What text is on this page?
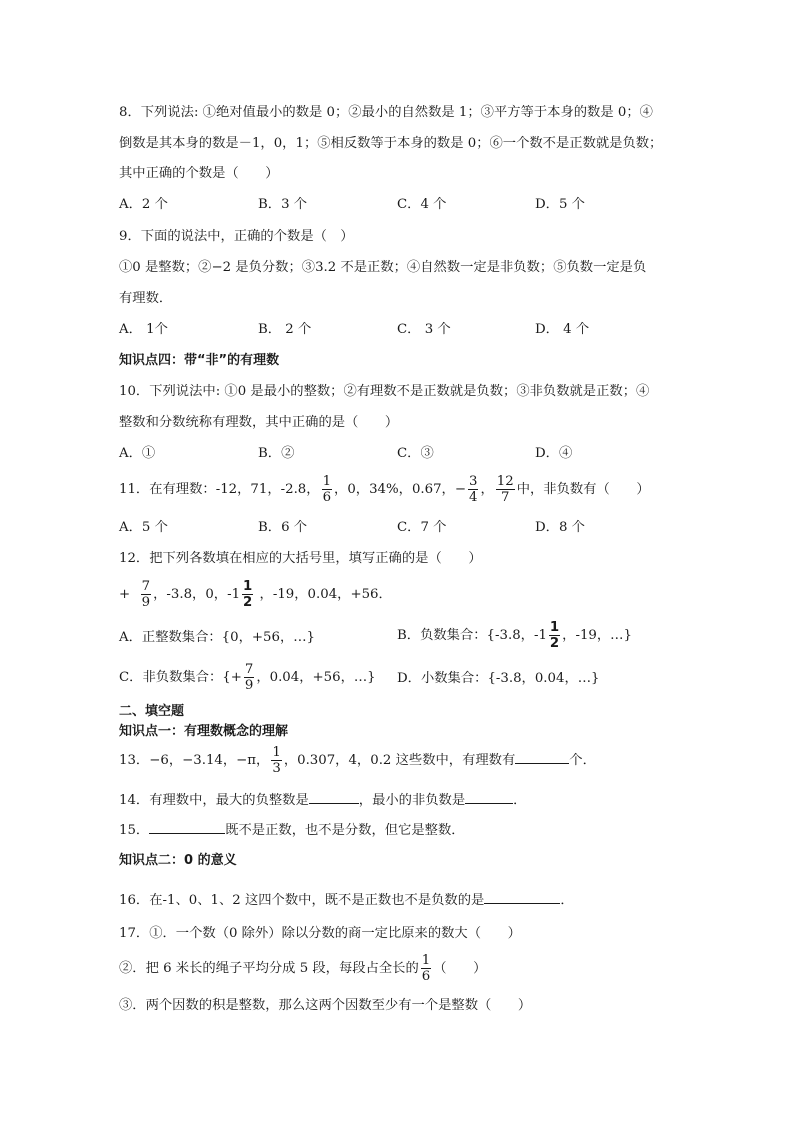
8．下列说法: ①绝对值最小的数是 0；②最小的自然数是 1；③平方等于本身的数是 0；④
倒数是其本身的数是－1，0，1；⑤相反数等于本身的数是 0；⑥一个数不是正数就是负数；
其中正确的个数是（　　）
A．2 个	B．3 个	C．4 个	D．5 个
9．下面的说法中，正确的个数是（　）
①0 是整数；②−2 是负分数；③3.2 不是正数；④自然数一定是非负数；⑤负数一定是负
有理数．
A． 1个	B． 2 个	C． 3 个	D． 4 个
知识点四：带“非”的有理数
10．下列说法中: ①0 是最小的整数；②有理数不是正数就是负数；③非负数就是正数；④
整数和分数统称有理数，其中正确的是（　　）
A．①	B．②	C．③	D．④
11．在有理数：-12，71，-2.8， $\frac{1}{6}$ ，0，34%，0.67，− $\frac{3}{4}$ ， $\frac{12}{7}$ 中，非负数有（　　）
A．5 个	B．6 个	C．7 个	D．8 个
12．把下列各数填在相应的大括号里，填写正确的是（　　）
+ $\frac{7}{9}$ ，-3.8，0，$-1 \frac{1}{2}$ ，-19，0.04，+56．
A．正整数集合：{0，+56，…}	B．负数集合：{-3.8，$-1 \frac{1}{2}$ ，-19，…}
C．非负数集合：{+ $\frac{7}{9}$ ，0.04，+56，…} D．小数集合：{-3.8，0.04，…}
二、填空题
知识点一：有理数概念的理解
13．−6，−3.14，−π， $\frac{1}{3}$ ，0.307，4，0.2 这些数中，有理数有	个．
14．有理数中，最大的负整数是	，最小的非负数是	．
15．	既不是正数，也不是分数，但它是整数．
知识点二：0 的意义
16．在-1、0、1、2 这四个数中，既不是正数也不是负数的是	．
17．①．一个数（0 除外）除以分数的商一定比原来的数大（　　）
②．把 6 米长的绳子平均分成 5 段，每段占全长的 $\frac{1}{6}$ （　　）
③．两个因数的积是整数，那么这两个因数至少有一个是整数（　　）
